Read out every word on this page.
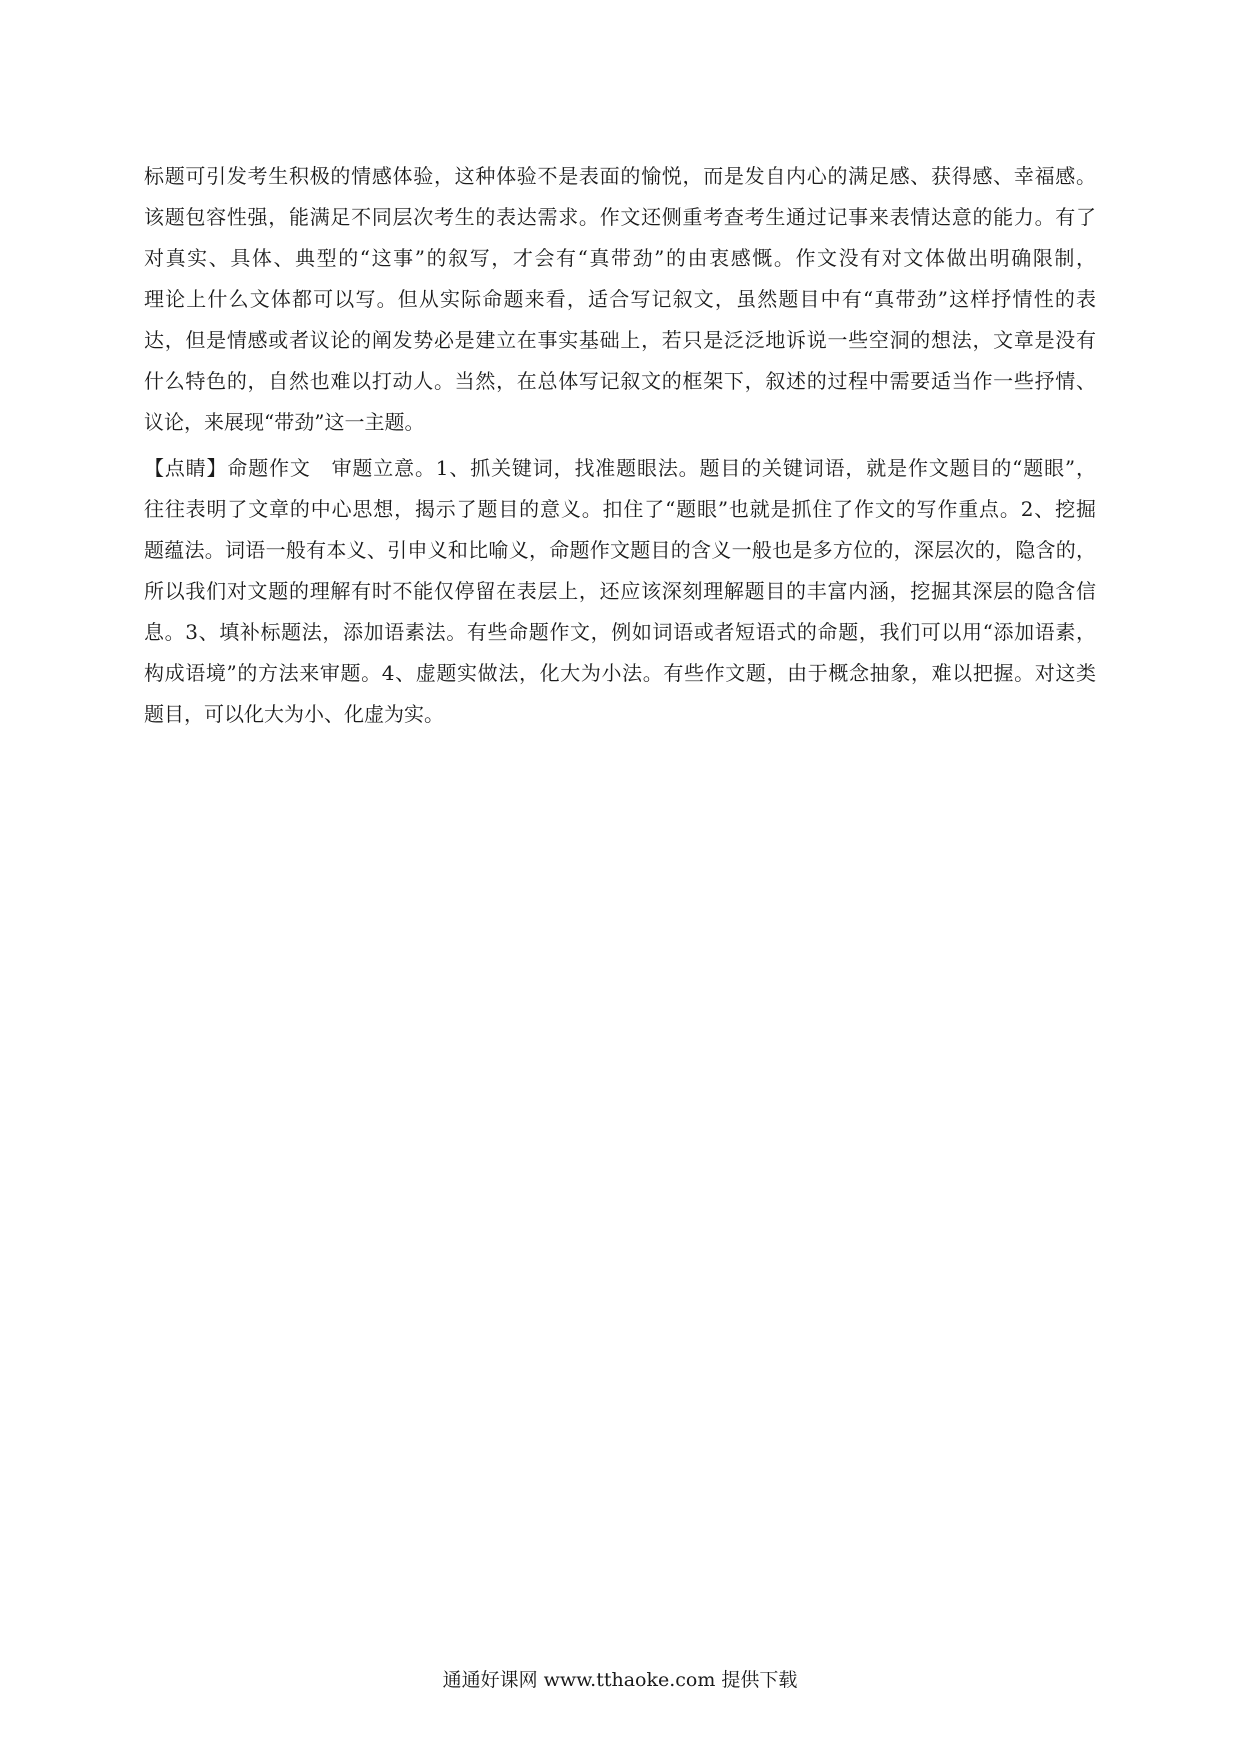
标题可引发考生积极的情感体验，这种体验不是表面的愉悦，而是发自内心的满足感、获得感、幸福感。
该题包容性强，能满足不同层次考生的表达需求。作文还侧重考查考生通过记事来表情达意的能力。有了
对真实、具体、典型的“这事”的叙写，才会有“真带劲”的由衷感慨。作文没有对文体做出明确限制，
理论上什么文体都可以写。但从实际命题来看，适合写记叙文，虽然题目中有“真带劲”这样抒情性的表
达，但是情感或者议论的阐发势必是建立在事实基础上，若只是泛泛地诉说一些空洞的想法，文章是没有
什么特色的，自然也难以打动人。当然，在总体写记叙文的框架下，叙述的过程中需要适当作一些抒情、
议论，来展现“带劲”这一主题。
【点睛】命题作文　审题立意。1、抓关键词，找准题眼法。题目的关键词语，就是作文题目的“题眼”，
往往表明了文章的中心思想，揭示了题目的意义。扣住了“题眼”也就是抓住了作文的写作重点。2、挖掘
题蕴法。词语一般有本义、引申义和比喻义，命题作文题目的含义一般也是多方位的，深层次的，隐含的，
所以我们对文题的理解有时不能仅停留在表层上，还应该深刻理解题目的丰富内涵，挖掘其深层的隐含信
息。3、填补标题法，添加语素法。有些命题作文，例如词语或者短语式的命题，我们可以用“添加语素，
构成语境”的方法来审题。4、虚题实做法，化大为小法。有些作文题，由于概念抽象，难以把握。对这类
题目，可以化大为小、化虚为实。
通通好课网 www.tthaoke.com 提供下载
